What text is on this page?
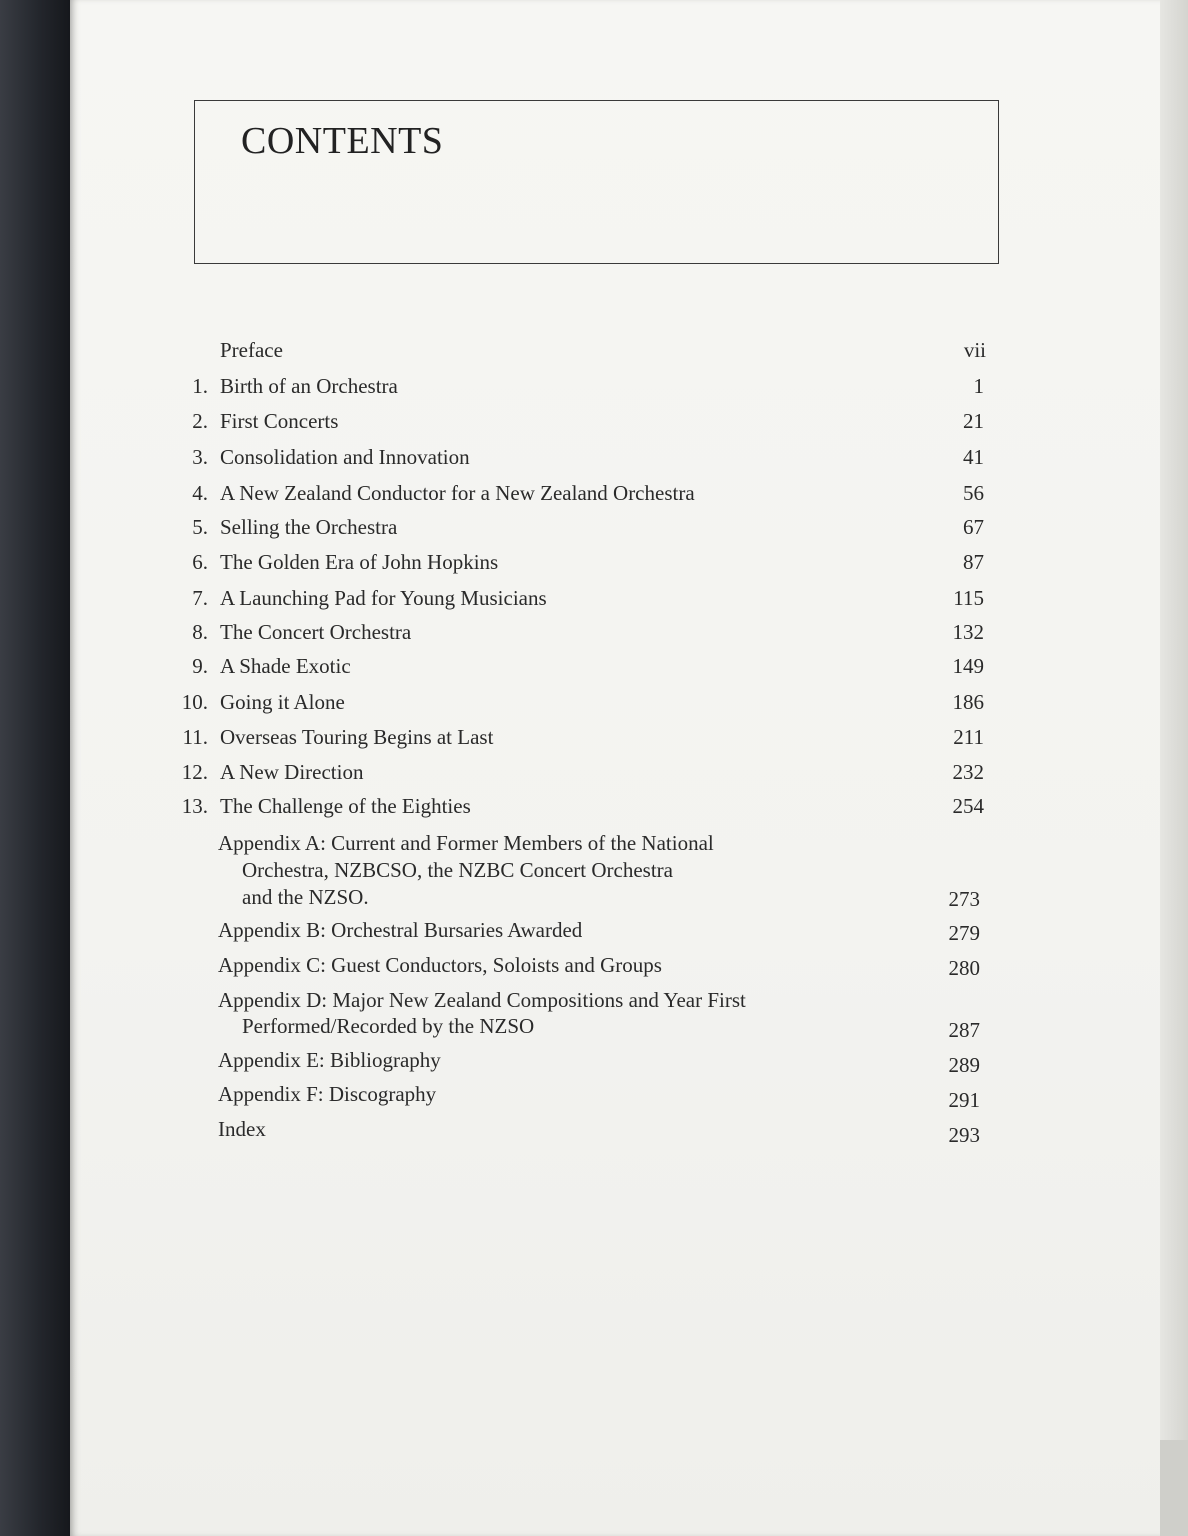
CONTENTS
Preface	vii
1. Birth of an Orchestra	1
2. First Concerts	21
3. Consolidation and Innovation	41
4. A New Zealand Conductor for a New Zealand Orchestra	56
5. Selling the Orchestra	67
6. The Golden Era of John Hopkins	87
7. A Launching Pad for Young Musicians	115
8. The Concert Orchestra	132
9. A Shade Exotic	149
10. Going it Alone	186
11. Overseas Touring Begins at Last	211
12. A New Direction	232
13. The Challenge of the Eighties	254
Appendix A: Current and Former Members of the National
Orchestra, NZBCSO, the NZBC Concert Orchestra
and the NZSO.	273
Appendix B: Orchestral Bursaries Awarded	279
Appendix C: Guest Conductors, Soloists and Groups	280
Appendix D: Major New Zealand Compositions and Year First
Performed/Recorded by the NZSO	287
Appendix E: Bibliography	289
Appendix F: Discography	291
Index	293
